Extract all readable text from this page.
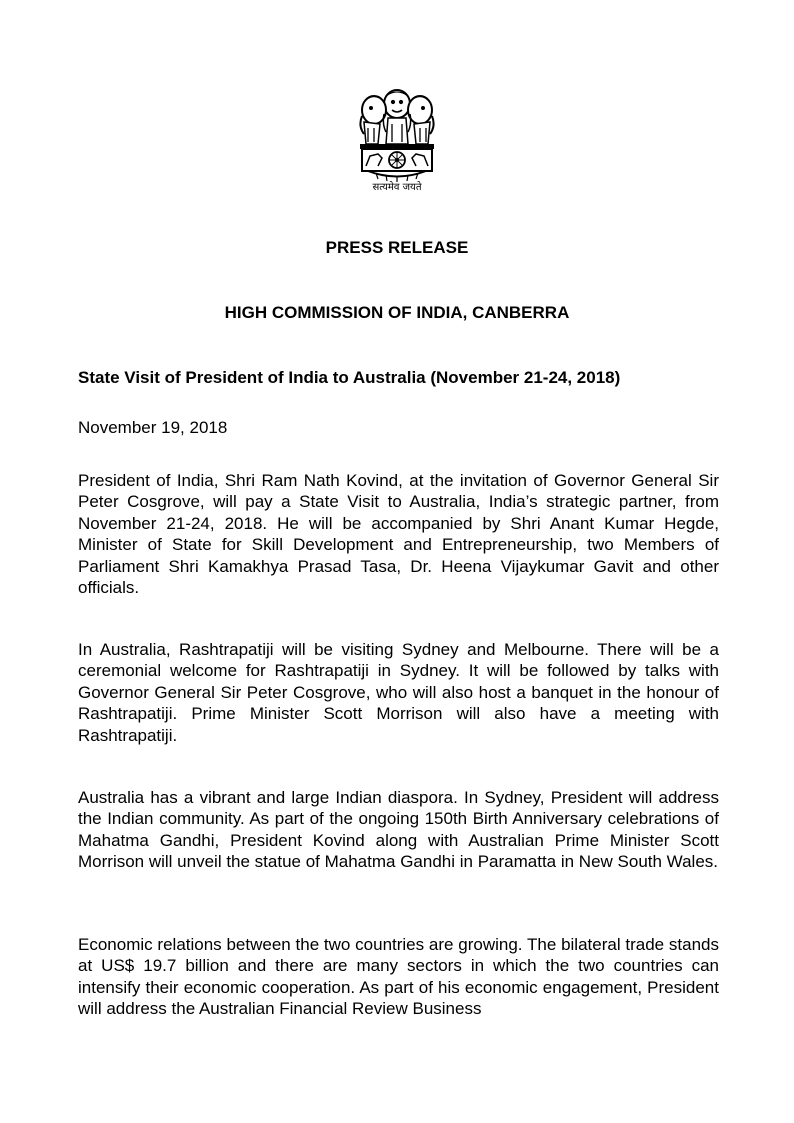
सत्यमेव जयते
PRESS RELEASE
HIGH COMMISSION OF INDIA, CANBERRA

State Visit of President of India to Australia (November 21-24, 2018)

November 19, 2018

President of India, Shri Ram Nath Kovind, at the invitation of Governor General Sir Peter Cosgrove, will pay a State Visit to Australia, India’s strategic partner, from November 21-24, 2018. He will be accompanied by Shri Anant Kumar Hegde, Minister of State for Skill Development and Entrepreneurship, two Members of Parliament Shri Kamakhya Prasad Tasa, Dr. Heena Vijaykumar Gavit and other officials.

In Australia, Rashtrapatiji will be visiting Sydney and Melbourne. There will be a ceremonial welcome for Rashtrapatiji in Sydney. It will be followed by talks with Governor General Sir Peter Cosgrove, who will also host a banquet in the honour of Rashtrapatiji. Prime Minister Scott Morrison will also have a meeting with Rashtrapatiji.

Australia has a vibrant and large Indian diaspora. In Sydney, President will address the Indian community. As part of the ongoing 150th Birth Anniversary celebrations of Mahatma Gandhi, President Kovind along with Australian Prime Minister Scott Morrison will unveil the statue of Mahatma Gandhi in Paramatta in New South Wales.

Economic relations between the two countries are growing. The bilateral trade stands at US$ 19.7 billion and there are many sectors in which the two countries can intensify their economic cooperation. As part of his economic engagement, President will address the Australian Financial Review Business
